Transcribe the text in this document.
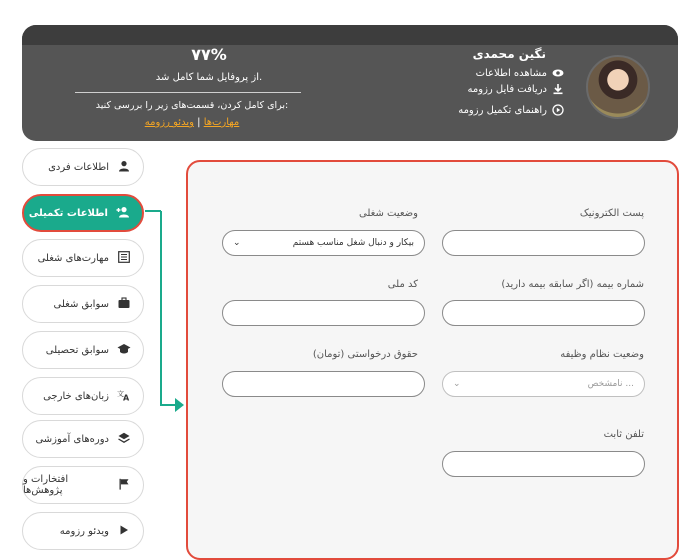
نگین محمدی
مشاهده اطلاعات
دریافت فایل رزومه
راهنمای تکمیل رزومه
۷۷%
از پروفایل شما کامل شد.
برای کامل کردن، قسمت‌های زیر را بررسی کنید:
مهارت‌ها | ویدئو رزومه
اطلاعات فردی
اطلاعات تکمیلی
مهارت‌های شغلی
سوابق شغلی
سوابق تحصیلی
زبان‌های خارجی 文 A
دوره‌های آموزشی
افتخارات و پژوهش‌ها
ویدئو رزومه
پست الکترونیک
وضعیت شغلی
بیکار و دنبال شغل مناسب هستم
⌄
شماره بیمه (اگر سابقه بیمه دارید)
کد ملی
وضعیت نظام وظیفه
نامشخص ...
⌄
حقوق درخواستی (تومان)
تلفن ثابت
